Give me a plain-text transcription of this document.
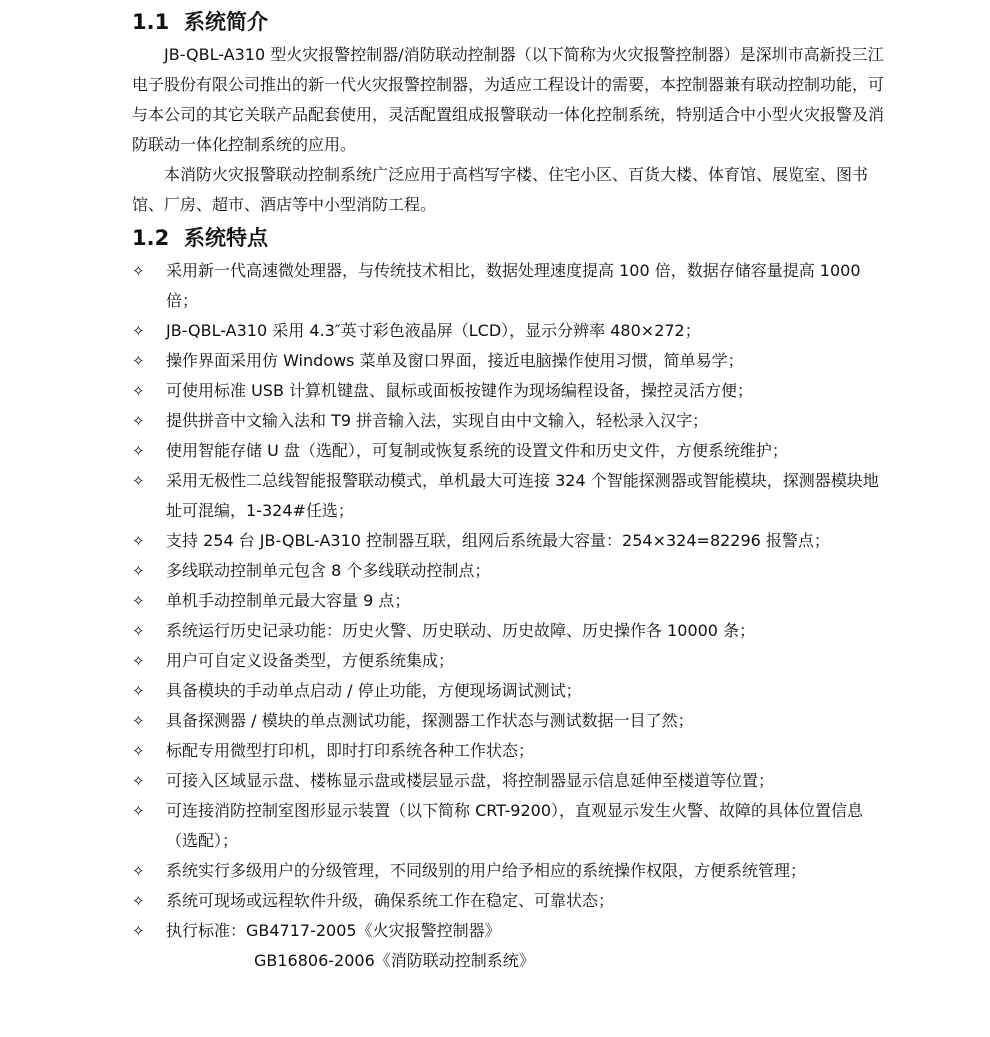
1.1 系统简介

JB-QBL-A310 型火灾报警控制器/消防联动控制器（以下简称为火灾报警控制器）是深圳市高新投三江电子股份有限公司推出的新一代火灾报警控制器，为适应工程设计的需要，本控制器兼有联动控制功能，可与本公司的其它关联产品配套使用，灵活配置组成报警联动一体化控制系统，特别适合中小型火灾报警及消防联动一体化控制系统的应用。

本消防火灾报警联动控制系统广泛应用于高档写字楼、住宅小区、百货大楼、体育馆、展览室、图书馆、厂房、超市、酒店等中小型消防工程。

1.2 系统特点
✧	采用新一代高速微处理器，与传统技术相比，数据处理速度提高 100 倍，数据存储容量提高 1000 倍；
✧	JB-QBL-A310 采用 4.3″英寸彩色液晶屏（LCD），显示分辨率 480×272；
✧	操作界面采用仿 Windows 菜单及窗口界面，接近电脑操作使用习惯，简单易学；
✧	可使用标准 USB 计算机键盘、鼠标或面板按键作为现场编程设备，操控灵活方便；
✧	提供拼音中文输入法和 T9 拼音输入法，实现自由中文输入，轻松录入汉字；
✧	使用智能存储 U 盘（选配），可复制或恢复系统的设置文件和历史文件，方便系统维护；
✧	采用无极性二总线智能报警联动模式，单机最大可连接 324 个智能探测器或智能模块，探测器模块地址可混编，1-324#任选；
✧	支持 254 台 JB-QBL-A310 控制器互联，组网后系统最大容量：254×324=82296 报警点；
✧	多线联动控制单元包含 8 个多线联动控制点；
✧	单机手动控制单元最大容量 9 点；
✧	系统运行历史记录功能：历史火警、历史联动、历史故障、历史操作各 10000 条；
✧	用户可自定义设备类型，方便系统集成；
✧	具备模块的手动单点启动 / 停止功能，方便现场调试测试；
✧	具备探测器 / 模块的单点测试功能，探测器工作状态与测试数据一目了然；
✧	标配专用微型打印机，即时打印系统各种工作状态；
✧	可接入区域显示盘、楼栋显示盘或楼层显示盘，将控制器显示信息延伸至楼道等位置；
✧	可连接消防控制室图形显示装置（以下简称 CRT-9200），直观显示发生火警、故障的具体位置信息（选配）；
✧	系统实行多级用户的分级管理，不同级别的用户给予相应的系统操作权限，方便系统管理；
✧	系统可现场或远程软件升级，确保系统工作在稳定、可靠状态；
✧	执行标准：GB4717-2005《火灾报警控制器》
GB16806-2006《消防联动控制系统》
